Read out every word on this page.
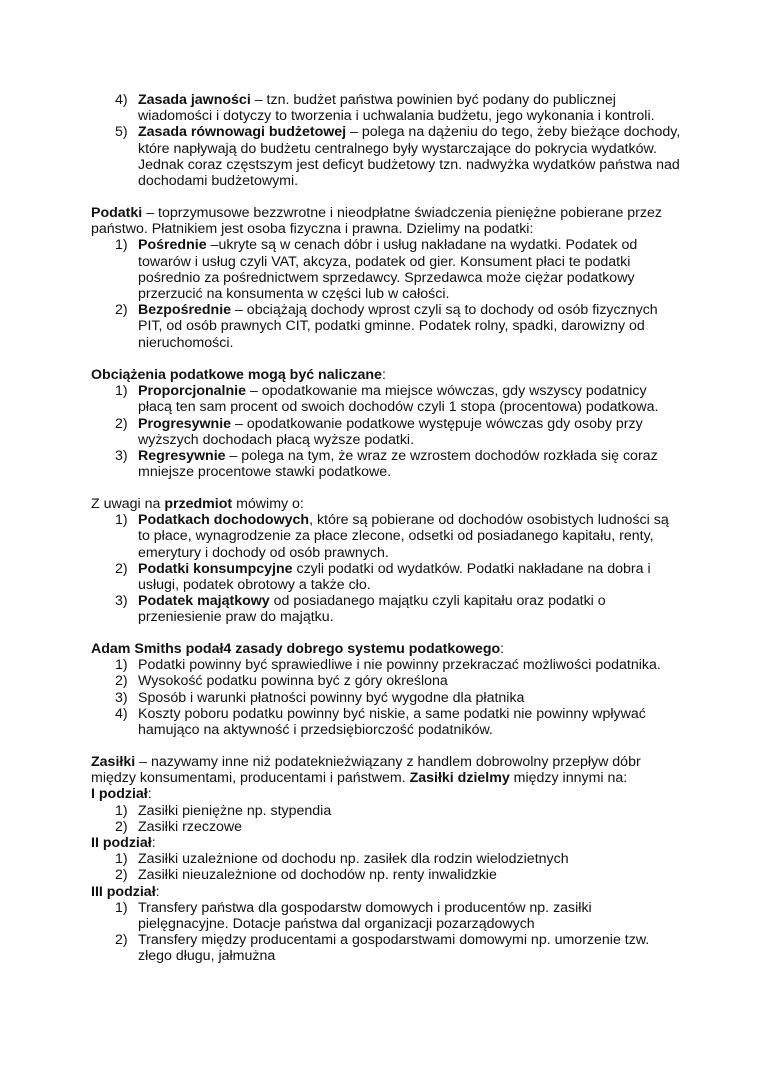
4) Zasada jawności – tzn. budżet państwa powinien być podany do publicznej wiadomości i dotyczy to tworzenia i uchwalania budżetu, jego wykonania i kontroli.
5) Zasada równowagi budżetowej – polega na dążeniu do tego, żeby bieżące dochody, które napływają do budżetu centralnego były wystarczające do pokrycia wydatków. Jednak coraz częstszym jest deficyt budżetowy tzn. nadwyżka wydatków państwa nad dochodami budżetowymi.

Podatki – toprzymusowe bezzwrotne i nieodpłatne świadczenia pieniężne pobierane przez państwo. Płatnikiem jest osoba fizyczna i prawna. Dzielimy na podatki:

1) Pośrednie –ukryte są w cenach dóbr i usług nakładane na wydatki. Podatek od towarów i usług czyli VAT, akcyza, podatek od gier. Konsument płaci te podatki pośrednio za pośrednictwem sprzedawcy. Sprzedawca może ciężar podatkowy przerzucić na konsumenta w części lub w całości.
2) Bezpośrednie – obciążają dochody wprost czyli są to dochody od osób fizycznych PIT, od osób prawnych CIT, podatki gminne. Podatek rolny, spadki, darowizny od nieruchomości.

Obciążenia podatkowe mogą być naliczane:

1) Proporcjonalnie – opodatkowanie ma miejsce wówczas, gdy wszyscy podatnicy płacą ten sam procent od swoich dochodów czyli 1 stopa (procentowa) podatkowa.
2) Progresywnie – opodatkowanie podatkowe występuje wówczas gdy osoby przy wyższych dochodach płacą wyższe podatki.
3) Regresywnie – polega na tym, że wraz ze wzrostem dochodów rozkłada się coraz mniejsze procentowe stawki podatkowe.

Z uwagi na przedmiot mówimy o:

1) Podatkach dochodowych, które są pobierane od dochodów osobistych ludności są to płace, wynagrodzenie za płace zlecone, odsetki od posiadanego kapitału, renty, emerytury i dochody od osób prawnych.
2) Podatki konsumpcyjne czyli podatki od wydatków. Podatki nakładane na dobra i usługi, podatek obrotowy a także cło.
3) Podatek majątkowy od posiadanego majątku czyli kapitału oraz podatki o przeniesienie praw do majątku.

Adam Smiths podał4 zasady dobrego systemu podatkowego:

1) Podatki powinny być sprawiedliwe i nie powinny przekraczać możliwości podatnika.
2) Wysokość podatku powinna być z góry określona
3) Sposób i warunki płatności powinny być wygodne dla płatnika
4) Koszty poboru podatku powinny być niskie, a same podatki nie powinny wpływać hamująco na aktywność i przedsiębiorczość podatników.

Zasiłki – nazywamy inne niż podateknieżwiązany z handlem dobrowolny przepływ dóbr między konsumentami, producentami i państwem. Zasiłki dzielmy między innymi na:

I podział:

1) Zasiłki pieniężne np. stypendia
2) Zasiłki rzeczowe

II podział:

1) Zasiłki uzależnione od dochodu np. zasiłek dla rodzin wielodzietnych
2) Zasiłki nieuzależnione od dochodów np. renty inwalidzkie

III podział:

1) Transfery państwa dla gospodarstw domowych i producentów np. zasiłki pielęgnacyjne. Dotacje państwa dal organizacji pozarządowych
2) Transfery między producentami a gospodarstwami domowymi np. umorzenie tzw. złego długu, jałmużna
